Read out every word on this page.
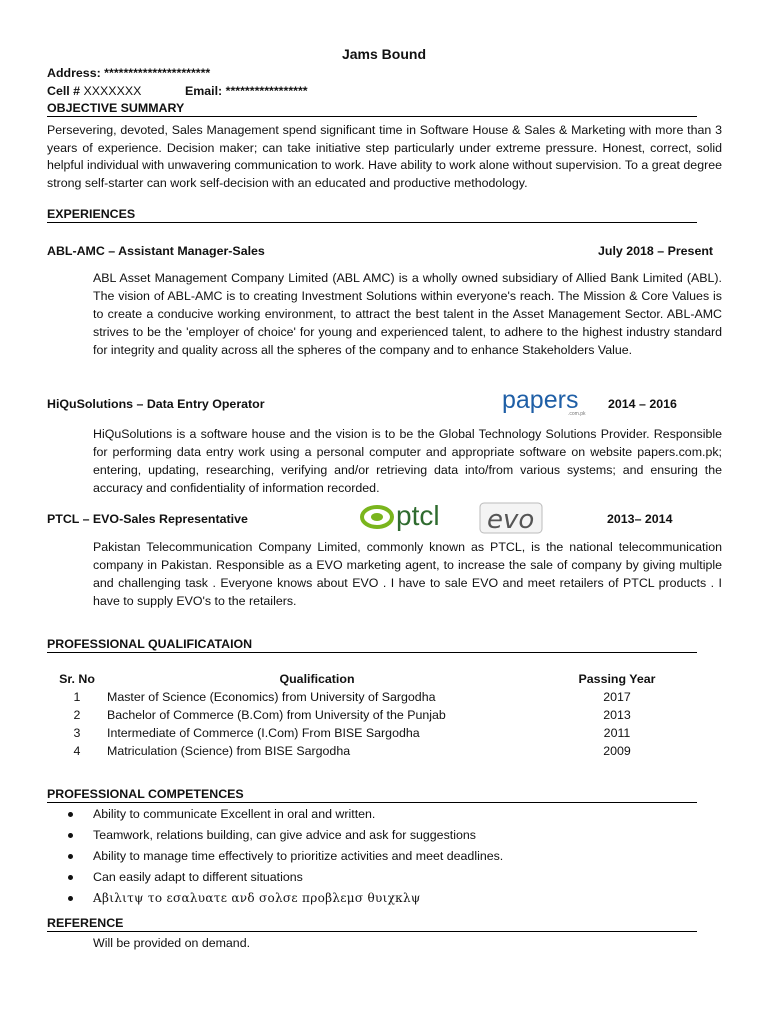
Jams Bound
Address: **********************
Cell # XXXXXXX	Email: *****************
OBJECTIVE SUMMARY
Persevering, devoted, Sales Management spend significant time in Software House & Sales & Marketing with more than 3 years of experience. Decision maker; can take initiative step particularly under extreme pressure. Honest, correct, solid helpful individual with unwavering communication to work. Have ability to work alone without supervision. To a great degree strong self-starter can work self-decision with an educated and productive methodology.
EXPERIENCES
ABL-AMC – Assistant Manager-Sales	July 2018 – Present
ABL Asset Management Company Limited (ABL AMC) is a wholly owned subsidiary of Allied Bank Limited (ABL). The vision of ABL-AMC is to creating Investment Solutions within everyone's reach. The Mission & Core Values is to create a conducive working environment, to attract the best talent in the Asset Management Sector. ABL-AMC strives to be the 'employer of choice' for young and experienced talent, to adhere to the highest industry standard for integrity and quality across all the spheres of the company and to enhance Stakeholders Value.
HiQuSolutions – Data Entry Operator	papers
.com.pk
2014 – 2016
HiQuSolutions is a software house and the vision is to be the Global Technology Solutions Provider. Responsible for performing data entry work using a personal computer and appropriate software on website papers.com.pk; entering, updating, researching, verifying and/or retrieving data into/from various systems; and ensuring the accuracy and confidentiality of information recorded.
PTCL – EVO-Sales Representative	ptcl evo	2013– 2014
Pakistan Telecommunication Company Limited, commonly known as PTCL, is the national telecommunication company in Pakistan. Responsible as a EVO marketing agent, to increase the sale of company by giving multiple and challenging task . Everyone knows about EVO . I have to sale EVO and meet retailers of PTCL products . I have to supply EVO's to the retailers.
PROFESSIONAL QUALIFICATAION
Sr. No	Qualification	Passing Year
1	Master of Science (Economics) from University of Sargodha	2017
2	Bachelor of Commerce (B.Com) from University of the Punjab	2013
3	Intermediate of Commerce (I.Com) From BISE Sargodha	2011
4	Matriculation (Science) from BISE Sargodha	2009
PROFESSIONAL COMPETENCES
Ability to communicate Excellent in oral and written.
Teamwork, relations building, can give advice and ask for suggestions
Ability to manage time effectively to prioritize activities and meet deadlines.
Can easily adapt to different situations
Αβιλιτψ το εσαλυατε ανδ σολσε προβλεμσ θυιχκλψ
REFERENCE
Will be provided on demand.
